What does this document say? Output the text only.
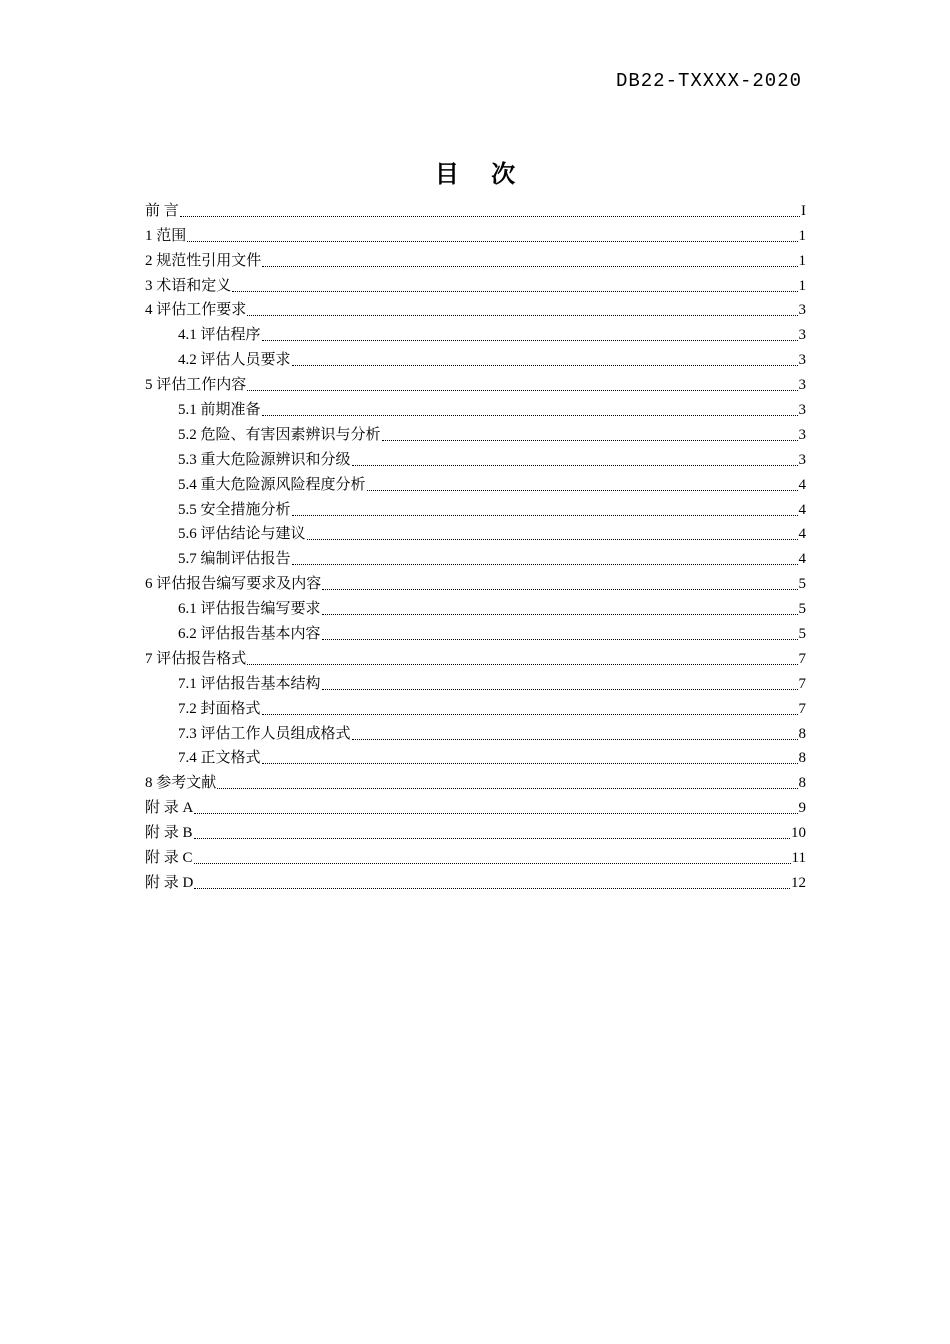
DB22-TXXXX-2020
目 次
前 言	I
1 范围	1
2 规范性引用文件	1
3 术语和定义	1
4 评估工作要求	3
4.1 评估程序	3
4.2 评估人员要求	3
5 评估工作内容	3
5.1 前期准备	3
5.2 危险、有害因素辨识与分析	3
5.3 重大危险源辨识和分级	3
5.4 重大危险源风险程度分析	4
5.5 安全措施分析	4
5.6 评估结论与建议	4
5.7 编制评估报告	4
6 评估报告编写要求及内容	5
6.1 评估报告编写要求	5
6.2 评估报告基本内容	5
7 评估报告格式	7
7.1 评估报告基本结构	7
7.2 封面格式	7
7.3 评估工作人员组成格式	8
7.4 正文格式	8
8 参考文献	8
附 录 A	9
附 录 B	10
附 录 C	11
附 录 D	12
